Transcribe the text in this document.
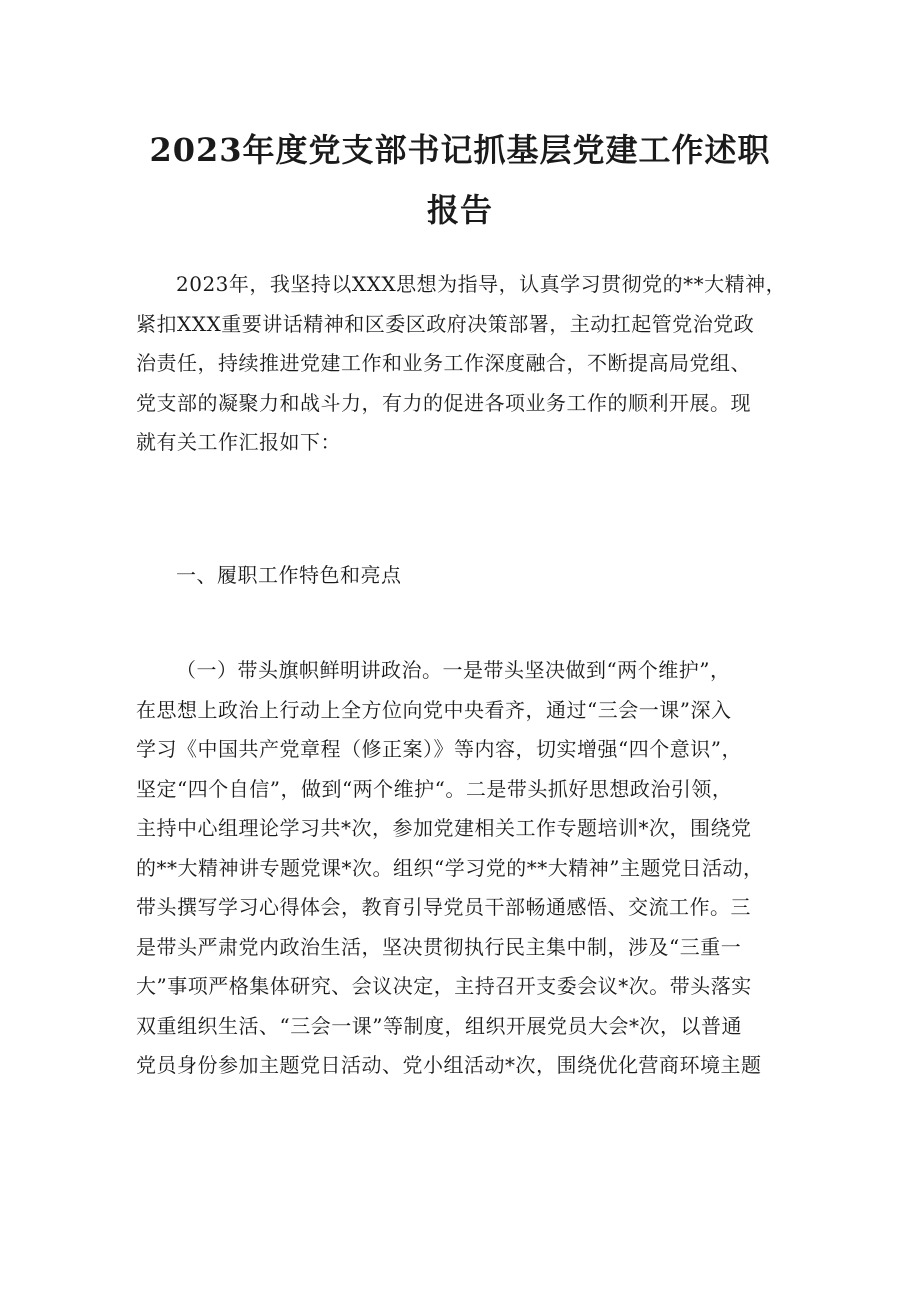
2023年度党支部书记抓基层党建工作述职
报告
2023年，我坚持以XXX思想为指导，认真学习贯彻党的**大精神，
紧扣XXX重要讲话精神和区委区政府决策部署，主动扛起管党治党政
治责任，持续推进党建工作和业务工作深度融合，不断提高局党组、
党支部的凝聚力和战斗力，有力的促进各项业务工作的顺利开展。现
就有关工作汇报如下：
一、履职工作特色和亮点
（一）带头旗帜鲜明讲政治。一是带头坚决做到“两个维护”，
在思想上政治上行动上全方位向党中央看齐，通过“三会一课”深入
学习《中国共产党章程（修正案）》等内容，切实增强“四个意识”，
坚定“四个自信”，做到“两个维护“。二是带头抓好思想政治引领，
主持中心组理论学习共*次，参加党建相关工作专题培训*次，围绕党
的**大精神讲专题党课*次。组织“学习党的**大精神”主题党日活动，
带头撰写学习心得体会，教育引导党员干部畅通感悟、交流工作。三
是带头严肃党内政治生活，坚决贯彻执行民主集中制，涉及“三重一
大”事项严格集体研究、会议决定，主持召开支委会议*次。带头落实
双重组织生活、“三会一课”等制度，组织开展党员大会*次，以普通
党员身份参加主题党日活动、党小组活动*次，围绕优化营商环境主题
